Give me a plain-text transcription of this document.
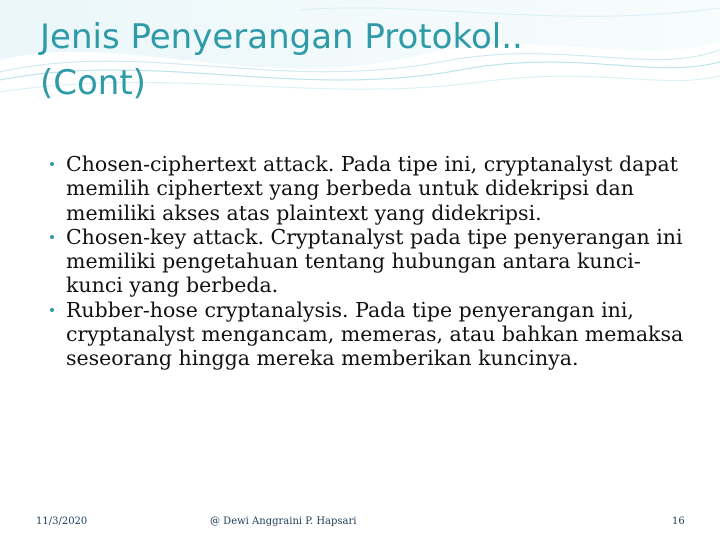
Jenis Penyerangan Protokol..
(Cont)
Chosen-ciphertext attack. Pada tipe ini, cryptanalyst dapat memilih ciphertext yang berbeda untuk didekripsi dan memiliki akses atas plaintext yang didekripsi.
Chosen-key attack. Cryptanalyst pada tipe penyerangan ini memiliki pengetahuan tentang hubungan antara kunci-kunci yang berbeda.
Rubber-hose cryptanalysis. Pada tipe penyerangan ini, cryptanalyst mengancam, memeras, atau bahkan memaksa seseorang hingga mereka memberikan kuncinya.
11/3/2020	@ Dewi Anggraini P. Hapsari	16
